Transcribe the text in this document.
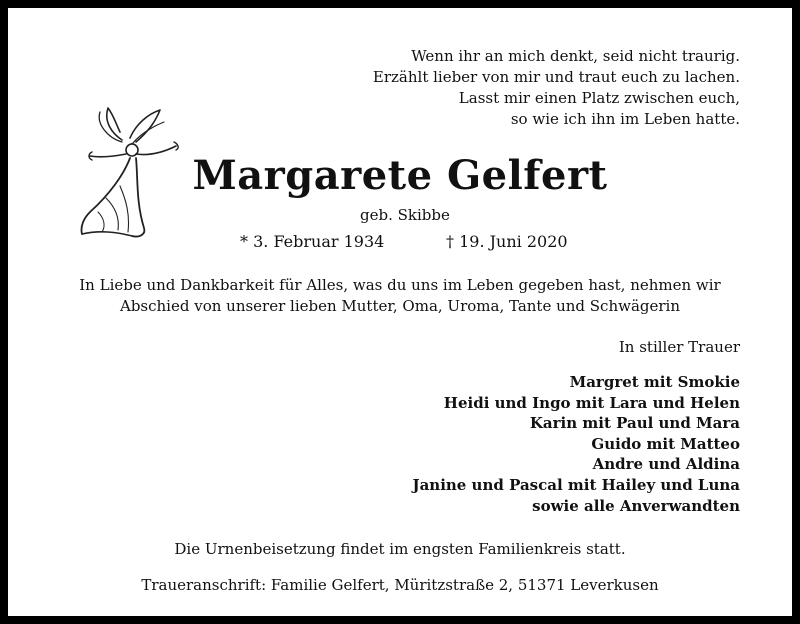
Wenn ihr an mich denkt, seid nicht traurig.
Erzählt lieber von mir und traut euch zu lachen.
Lasst mir einen Platz zwischen euch,
so wie ich ihn im Leben hatte.
Margarete Gelfert
geb. Skibbe
* 3. Februar 1934	† 19. Juni 2020
In Liebe und Dankbarkeit für Alles, was du uns im Leben gegeben hast, nehmen wir
Abschied von unserer lieben Mutter, Oma, Uroma, Tante und Schwägerin
In stiller Trauer
Margret mit Smokie
Heidi und Ingo mit Lara und Helen
Karin mit Paul und Mara
Guido mit Matteo
Andre und Aldina
Janine und Pascal mit Hailey und Luna
sowie alle Anverwandten
Die Urnenbeisetzung findet im engsten Familienkreis statt.
Traueranschrift: Familie Gelfert, Müritzstraße 2, 51371 Leverkusen
